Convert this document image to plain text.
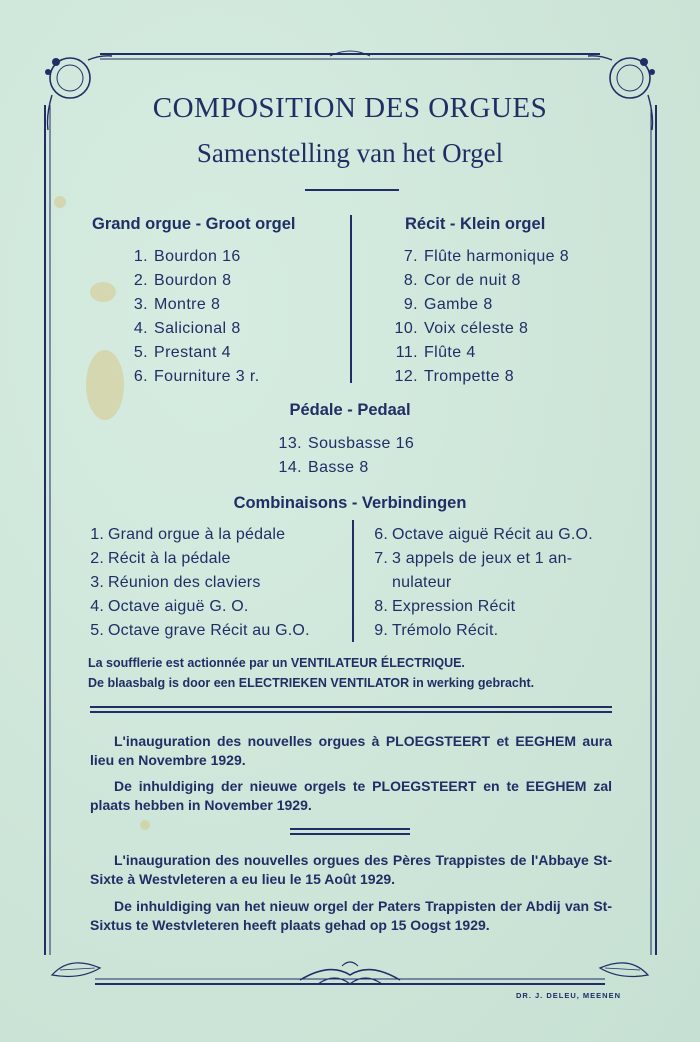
COMPOSITION DES ORGUES
Samenstelling van het Orgel
Grand orgue - Groot orgel
1. Bourdon 16
2. Bourdon 8
3. Montre 8
4. Salicional 8
5. Prestant 4
6. Fourniture 3 r.
Récit - Klein orgel
7. Flûte harmonique 8
8. Cor de nuit 8
9. Gambe 8
10. Voix céleste 8
11. Flûte 4
12. Trompette 8
Pédale - Pedaal
13. Sousbasse 16
14. Basse 8
Combinaisons - Verbindingen
1. Grand orgue à la pédale
2. Récit à la pédale
3. Réunion des claviers
4. Octave aiguë G. O.
5. Octave grave Récit au G.O.
6. Octave aiguë Récit au G.O.
7. 3 appels de jeux et 1 an-
nulateur
8. Expression Récit
9. Trémolo Récit.
La soufflerie est actionnée par un VENTILATEUR ÉLECTRIQUE.
De blaasbalg is door een ELECTRIEKEN VENTILATOR in werking gebracht.
L'inauguration des nouvelles orgues à PLOEGSTEERT et EEGHEM aura lieu en Novembre 1929.
De inhuldiging der nieuwe orgels te PLOEGSTEERT en te EEGHEM zal plaats hebben in November 1929.
L'inauguration des nouvelles orgues des Pères Trappistes de l'Abbaye St-Sixte à Westvleteren a eu lieu le 15 Août 1929.
De inhuldiging van het nieuw orgel der Paters Trappisten der Abdij van St-Sixtus te Westvleteren heeft plaats gehad op 15 Oogst 1929.
DR. J. DELEU, MEENEN
